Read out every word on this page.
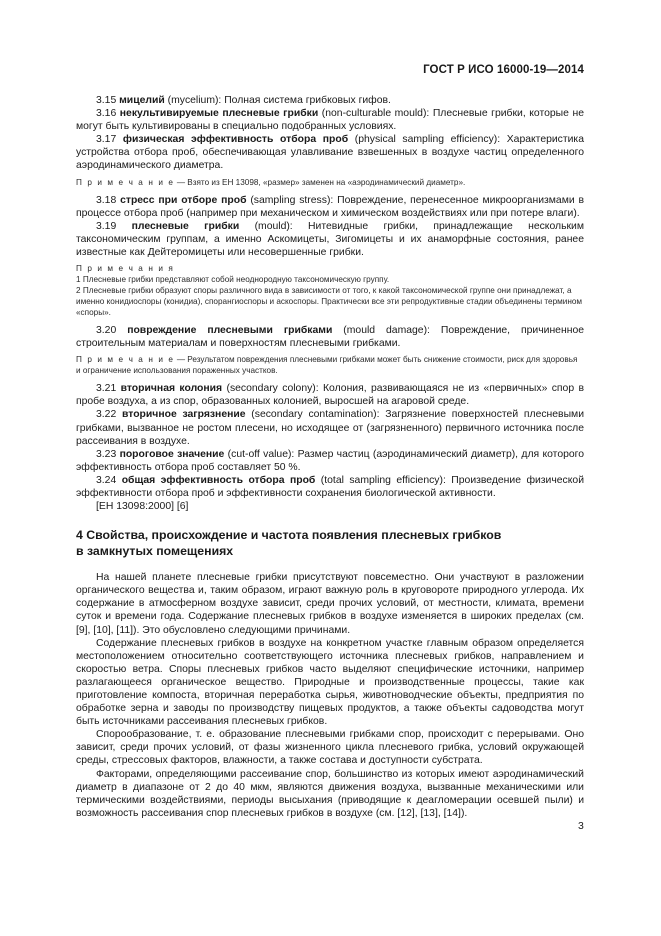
ГОСТ Р ИСО 16000-19—2014
3.15 мицелий (mycelium): Полная система грибковых гифов.
3.16 некультивируемые плесневые грибки (non-culturable mould): Плесневые грибки, которые не могут быть культивированы в специально подобранных условиях.
3.17 физическая эффективность отбора проб (physical sampling efficiency): Характеристика устройства отбора проб, обеспечивающая улавливание взвешенных в воздухе частиц определенного аэродинамического диаметра.
П р и м е ч а н и е — Взято из ЕН 13098, «размер» заменен на «аэродинамический диаметр».
3.18 стресс при отборе проб (sampling stress): Повреждение, перенесенное микроорганизмами в процессе отбора проб (например при механическом и химическом воздействиях или при потере влаги).
3.19 плесневые грибки (mould): Нитевидные грибки, принадлежащие нескольким таксономическим группам, а именно Аскомицеты, Зигомицеты и их анаморфные состояния, ранее известные как Дейтеромицеты или несовершенные грибки.
П р и м е ч а н и я
1 Плесневые грибки представляют собой неоднородную таксономическую группу.
2 Плесневые грибки образуют споры различного вида в зависимости от того, к какой таксономической группе они принадлежат, а именно конидиоспоры (конидиа), спорангиоспоры и аскоспоры. Практически все эти репродуктивные стадии объединены термином «споры».
3.20 повреждение плесневыми грибками (mould damage): Повреждение, причиненное строительным материалам и поверхностям плесневыми грибками.
П р и м е ч а н и е — Результатом повреждения плесневыми грибками может быть снижение стоимости, риск для здоровья и ограничение использования пораженных участков.
3.21 вторичная колония (secondary colony): Колония, развивающаяся не из «первичных» спор в пробе воздуха, а из спор, образованных колонией, выросшей на агаровой среде.
3.22 вторичное загрязнение (secondary contamination): Загрязнение поверхностей плесневыми грибками, вызванное не ростом плесени, но исходящее от (загрязненного) первичного источника после рассеивания в воздухе.
3.23 пороговое значение (cut-off value): Размер частиц (аэродинамический диаметр), для которого эффективность отбора проб составляет 50 %.
3.24 общая эффективность отбора проб (total sampling efficiency): Произведение физической эффективности отбора проб и эффективности сохранения биологической активности.
[ЕН 13098:2000] [6]
4 Свойства, происхождение и частота появления плесневых грибков
в замкнутых помещениях

На нашей планете плесневые грибки присутствуют повсеместно. Они участвуют в разложении органического вещества и, таким образом, играют важную роль в круговороте природного углерода. Их содержание в атмосферном воздухе зависит, среди прочих условий, от местности, климата, времени суток и времени года. Содержание плесневых грибков в воздухе изменяется в широких пределах (см. [9], [10], [11]). Это обусловлено следующими причинами.

Содержание плесневых грибков в воздухе на конкретном участке главным образом определяется местоположением относительно соответствующего источника плесневых грибков, направлением и скоростью ветра. Споры плесневых грибков часто выделяют специфические источники, например разлагающееся органическое вещество. Природные и производственные процессы, такие как приготовление компоста, вторичная переработка сырья, животноводческие объекты, предприятия по обработке зерна и заводы по производству пищевых продуктов, а также объекты садоводства могут быть источниками рассеивания плесневых грибков.

Спорообразование, т. е. образование плесневыми грибками спор, происходит с перерывами. Оно зависит, среди прочих условий, от фазы жизненного цикла плесневого грибка, условий окружающей среды, стрессовых факторов, влажности, а также состава и доступности субстрата.

Факторами, определяющими рассеивание спор, большинство из которых имеют аэродинамический диаметр в диапазоне от 2 до 40 мкм, являются движения воздуха, вызванные механическими или термическими воздействиями, периоды высыхания (приводящие к деагломерации осевшей пыли) и возможность рассеивания спор плесневых грибков в воздухе (см. [12], [13], [14]).

3
